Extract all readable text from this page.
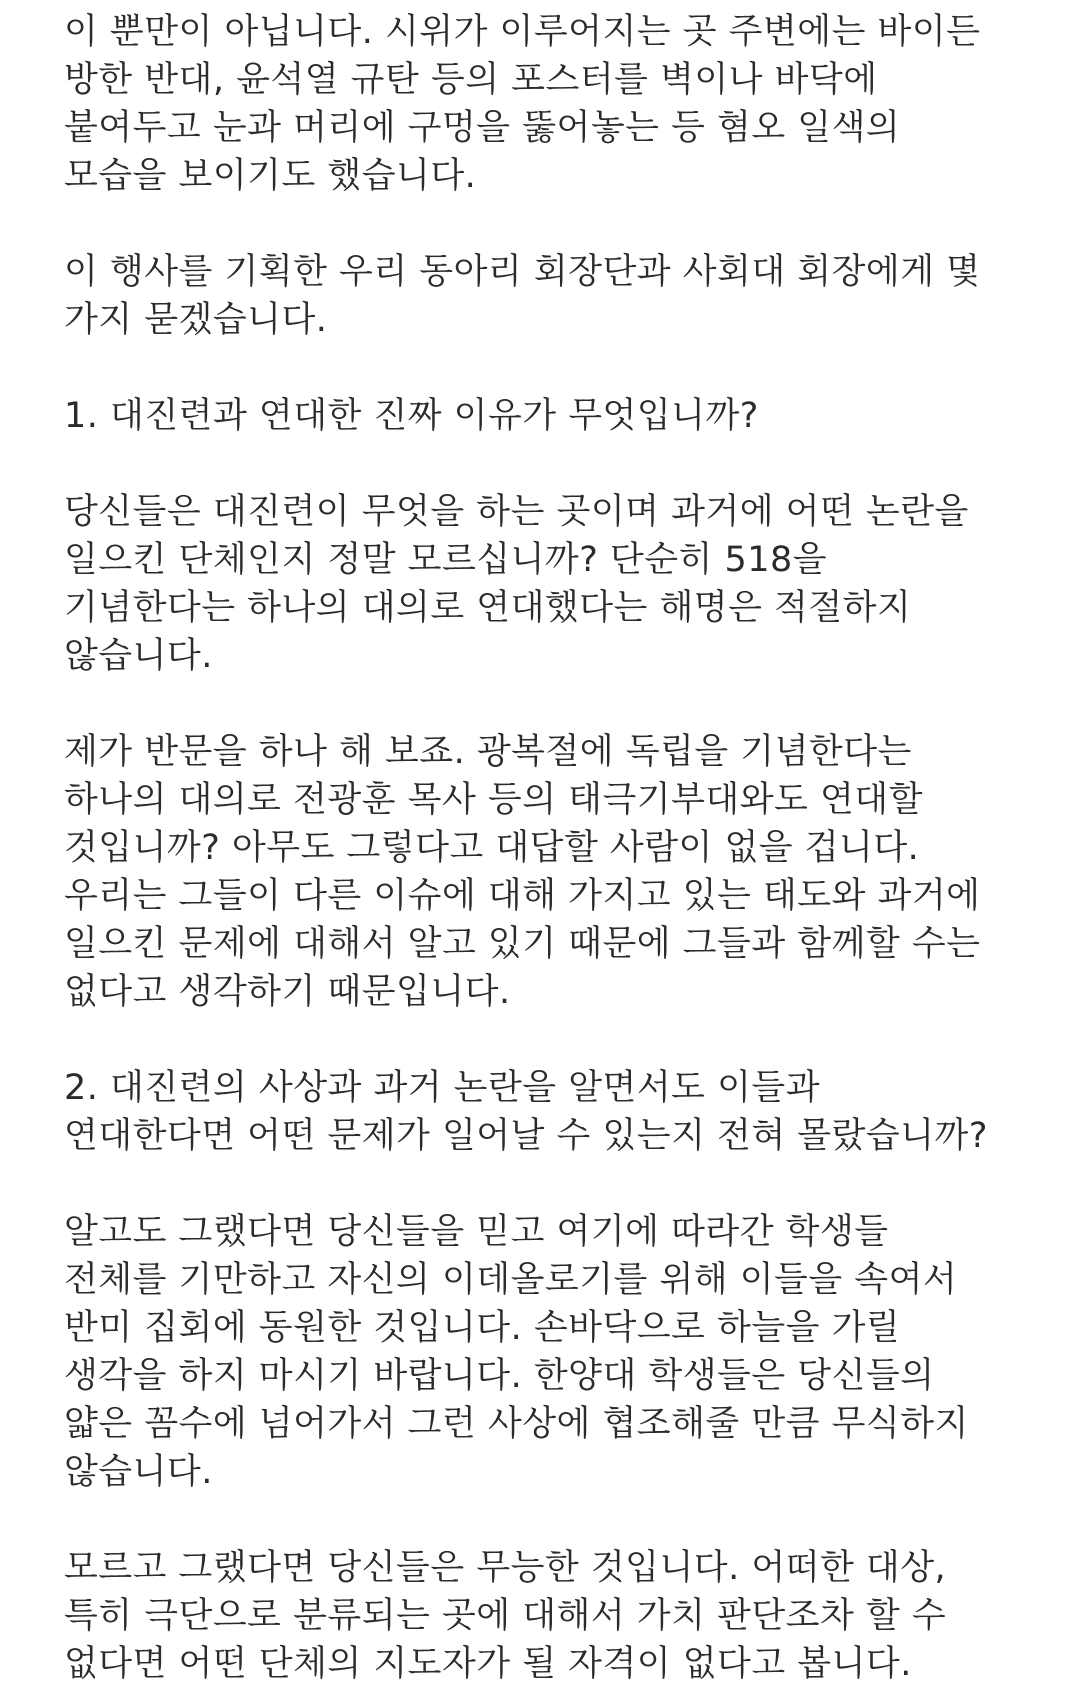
이 뿐만이 아닙니다. 시위가 이루어지는 곳 주변에는 바이든
방한 반대, 윤석열 규탄 등의 포스터를 벽이나 바닥에
붙여두고 눈과 머리에 구멍을 뚫어놓는 등 혐오 일색의
모습을 보이기도 했습니다.
이 행사를 기획한 우리 동아리 회장단과 사회대 회장에게 몇
가지 묻겠습니다.
1. 대진련과 연대한 진짜 이유가 무엇입니까?
당신들은 대진련이 무엇을 하는 곳이며 과거에 어떤 논란을
일으킨 단체인지 정말 모르십니까? 단순히 518을
기념한다는 하나의 대의로 연대했다는 해명은 적절하지
않습니다.
제가 반문을 하나 해 보죠. 광복절에 독립을 기념한다는
하나의 대의로 전광훈 목사 등의 태극기부대와도 연대할
것입니까? 아무도 그렇다고 대답할 사람이 없을 겁니다.
우리는 그들이 다른 이슈에 대해 가지고 있는 태도와 과거에
일으킨 문제에 대해서 알고 있기 때문에 그들과 함께할 수는
없다고 생각하기 때문입니다.
2. 대진련의 사상과 과거 논란을 알면서도 이들과
연대한다면 어떤 문제가 일어날 수 있는지 전혀 몰랐습니까?
알고도 그랬다면 당신들을 믿고 여기에 따라간 학생들
전체를 기만하고 자신의 이데올로기를 위해 이들을 속여서
반미 집회에 동원한 것입니다. 손바닥으로 하늘을 가릴
생각을 하지 마시기 바랍니다. 한양대 학생들은 당신들의
얇은 꼼수에 넘어가서 그런 사상에 협조해줄 만큼 무식하지
않습니다.
모르고 그랬다면 당신들은 무능한 것입니다. 어떠한 대상,
특히 극단으로 분류되는 곳에 대해서 가치 판단조차 할 수
없다면 어떤 단체의 지도자가 될 자격이 없다고 봅니다.
